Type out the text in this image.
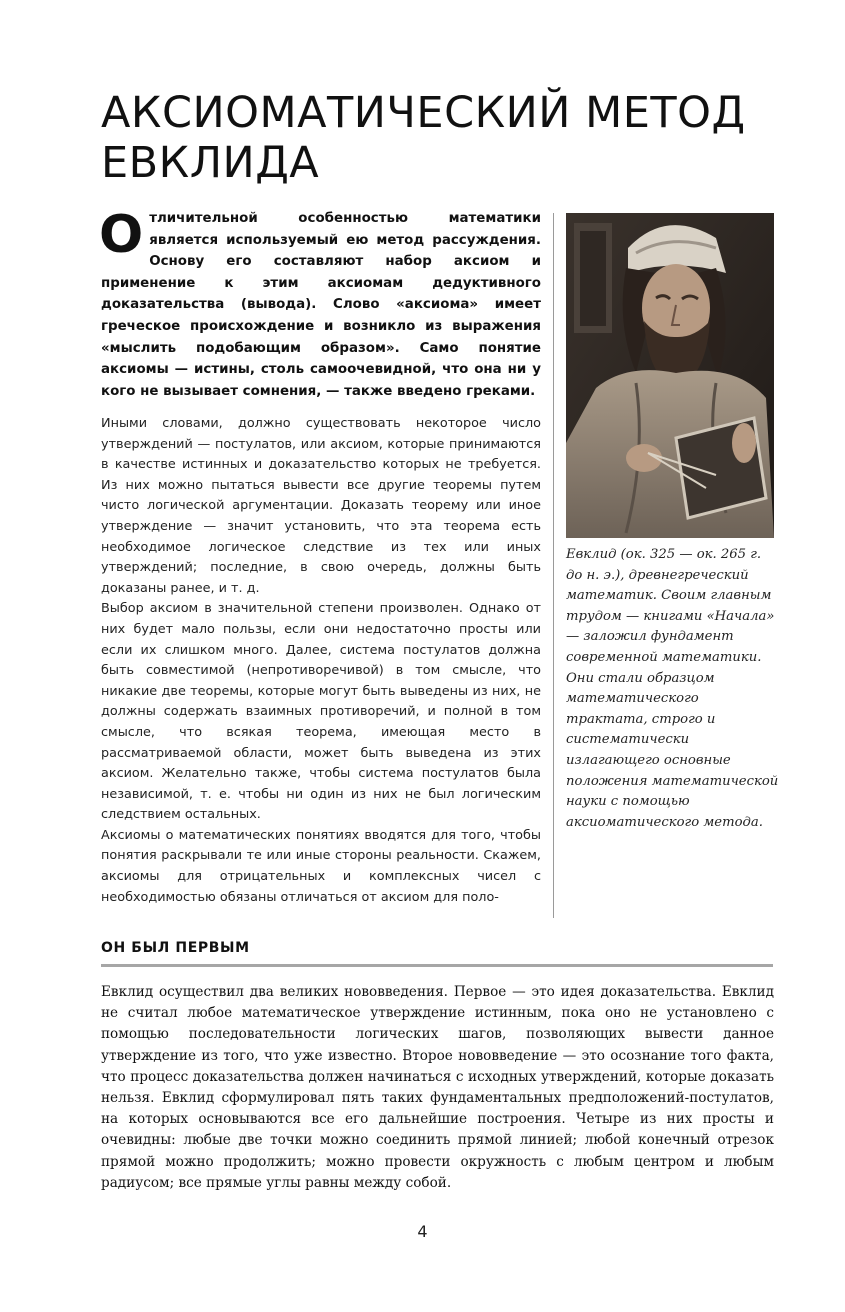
АКСИОМАТИЧЕСКИЙ МЕТОД
ЕВКЛИДА

Отличительной особенностью математики является используемый ею метод рассуждения. Основу его составляют набор аксиом и применение к этим аксиомам дедуктивного доказательства (вывода). Слово «аксиома» имеет греческое происхождение и возникло из выражения «мыслить подобающим образом». Само понятие аксиомы — истины, столь самоочевидной, что она ни у кого не вызывает сомнения, — также введено греками.

Иными словами, должно существовать некоторое число утверждений — постулатов, или аксиом, которые принимаются в качестве истинных и доказательство которых не требуется. Из них можно пытаться вывести все другие теоремы путем чисто логической аргументации. Доказать теорему или иное утверждение — значит установить, что эта теорема есть необходимое логическое следствие из тех или иных утверждений; последние, в свою очередь, должны быть доказаны ранее, и т. д.

Выбор аксиом в значительной степени произволен. Однако от них будет мало пользы, если они недостаточно просты или если их слишком много. Далее, система постулатов должна быть совместимой (непротиворечивой) в том смысле, что никакие две теоремы, которые могут быть выведены из них, не должны содержать взаимных противоречий, и полной в том смысле, что всякая теорема, имеющая место в рассматриваемой области, может быть выведена из этих аксиом. Желательно также, чтобы система постулатов была независимой, т. е. чтобы ни один из них не был логическим следствием остальных.

Аксиомы о математических понятиях вводятся для того, чтобы понятия раскрывали те или иные стороны реальности. Скажем, аксиомы для отрицательных и комплексных чисел с необходимостью обязаны отличаться от аксиом для поло-

Евклид (ок. 325 — ок. 265 г. до н. э.), древнегреческий математик. Своим главным трудом — книгами «Начала» — заложил фундамент современной математики.

Они стали образцом математического трактата, строго и систематически излагающего основные положения математической науки с помощью аксиоматического метода.

ОН БЫЛ ПЕРВЫМ

Евклид осуществил два великих нововведения. Первое — это идея доказательства. Евклид не считал любое математическое утверждение истинным, пока оно не установлено с помощью последовательности логических шагов, позволяющих вывести данное утверждение из того, что уже известно. Второе нововведение — это осознание того факта, что процесс доказательства должен начинаться с исходных утверждений, которые доказать нельзя. Евклид сформулировал пять таких фундаментальных предположений-постулатов, на которых основываются все его дальнейшие построения. Четыре из них просты и очевидны: любые две точки можно соединить прямой линией; любой конечный отрезок прямой можно продолжить; можно провести окружность с любым центром и любым радиусом; все прямые углы равны между собой.

4
